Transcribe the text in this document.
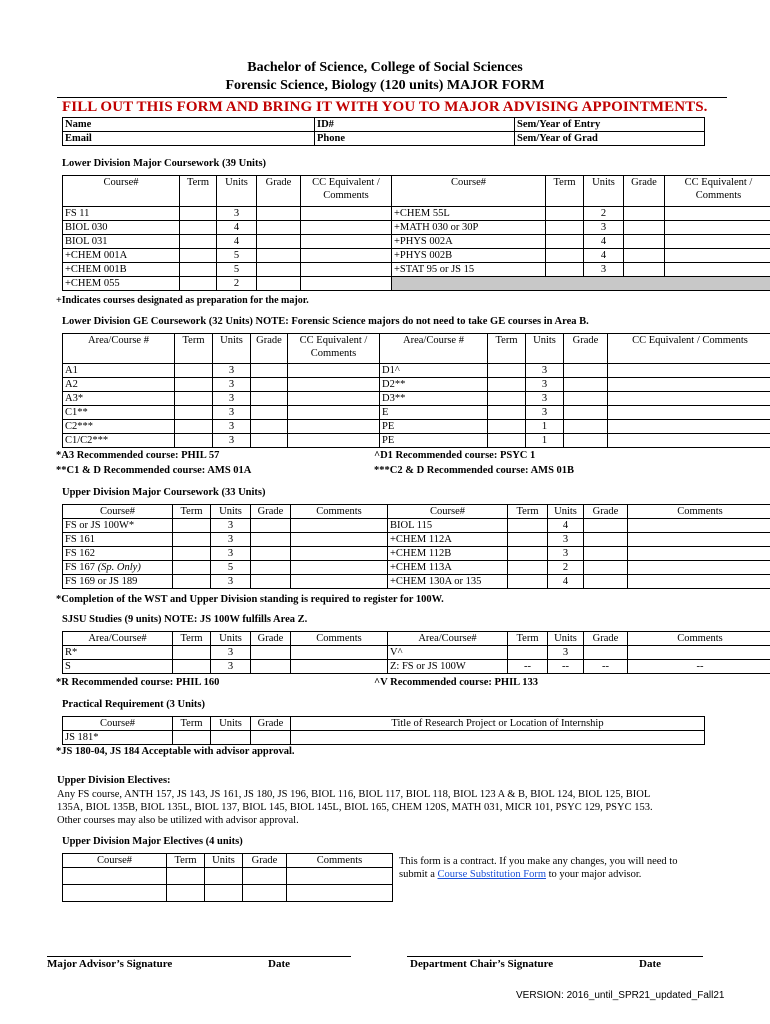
Bachelor of Science, College of Social Sciences
Forensic Science, Biology (120 units) MAJOR FORM
FILL OUT THIS FORM AND BRING IT WITH YOU TO MAJOR ADVISING APPOINTMENTS.
Name	ID#	Sem/Year of Entry
Email	Phone	Sem/Year of Grad
Lower Division Major Coursework (39 Units)
Course#	Term	Units	Grade	CC Equivalent / Comments	Course#	Term	Units	Grade	CC Equivalent / Comments
FS 11		3			+CHEM 55L		2		
BIOL 030		4			+MATH 030 or 30P		3		
BIOL 031		4			+PHYS 002A		4		
+CHEM 001A		5			+PHYS 002B		4		
+CHEM 001B		5			+STAT 95 or JS 15		3		
+CHEM 055		2							
+Indicates courses designated as preparation for the major.
Lower Division GE Coursework (32 Units) NOTE: Forensic Science majors do not need to take GE courses in Area B.
Area/Course #	Term	Units	Grade	CC Equivalent / Comments	Area/Course #	Term	Units	Grade	CC Equivalent / Comments
A1		3			D1^		3		
A2		3			D2**		3		
A3*		3			D3**		3		
C1**		3			E		3		
C2***		3			PE		1		
C1/C2***		3			PE		1		
*A3 Recommended course: PHIL 57	^D1 Recommended course: PSYC 1
**C1 & D Recommended course: AMS 01A	***C2 & D Recommended course: AMS 01B
Upper Division Major Coursework (33 Units)
Course#	Term	Units	Grade	Comments	Course#	Term	Units	Grade	Comments
FS or JS 100W*		3			BIOL 115		4		
FS 161		3			+CHEM 112A		3		
FS 162		3			+CHEM 112B		3		
FS 167 (Sp. Only)		5			+CHEM 113A		2		
FS 169 or JS 189		3			+CHEM 130A or 135		4		
*Completion of the WST and Upper Division standing is required to register for 100W.
SJSU Studies (9 units) NOTE: JS 100W fulfills Area Z.
Area/Course#	Term	Units	Grade	Comments	Area/Course#	Term	Units	Grade	Comments
R*		3			V^		3		
S		3			Z: FS or JS 100W	--	--	--	--
*R Recommended course: PHIL 160	^V Recommended course: PHIL 133
Practical Requirement (3 Units)
Course#	Term	Units	Grade	Title of Research Project or Location of Internship
JS 181*				
*JS 180-04, JS 184 Acceptable with advisor approval.
Upper Division Electives:
Any FS course, ANTH 157, JS 143, JS 161, JS 180, JS 196, BIOL 116, BIOL 117, BIOL 118, BIOL 123 A & B, BIOL 124, BIOL 125, BIOL
135A, BIOL 135B, BIOL 135L, BIOL 137, BIOL 145, BIOL 145L, BIOL 165, CHEM 120S, MATH 031, MICR 101, PSYC 129, PSYC 153.
Other courses may also be utilized with advisor approval.
Upper Division Major Electives (4 units)
Course#	Term	Units	Grade	Comments

					This form is a contract. If you make any changes, you will need to
submit a Course Substitution Form to your major advisor.
Major Advisor’s Signature	Date	Department Chair’s Signature	Date
VERSION: 2016_until_SPR21_updated_Fall21
